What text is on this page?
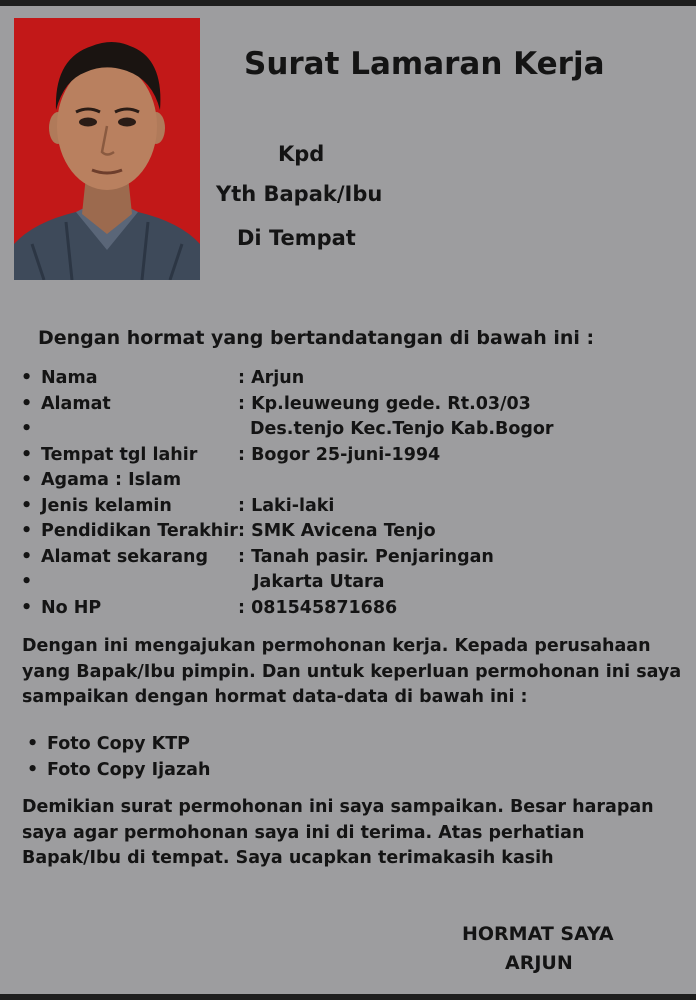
Surat Lamaran Kerja
Kpd
Yth Bapak/Ibu
Di Tempat
Dengan hormat yang bertandatangan di bawah ini :
• Nama	: Arjun
• Alamat	: Kp.leuweung gede. Rt.03/03
•	Des.tenjo Kec.Tenjo Kab.Bogor
• Tempat tgl lahir : Bogor 25-juni-1994
• Agama : Islam
• Jenis kelamin	: Laki-laki
• Pendidikan Terakhir : SMK Avicena Tenjo
• Alamat sekarang : Tanah pasir. Penjaringan
•	Jakarta Utara
• No HP	: 081545871686
Dengan ini mengajukan permohonan kerja. Kepada perusahaan yang Bapak/Ibu pimpin. Dan untuk keperluan permohonan ini saya sampaikan dengan hormat data-data di bawah ini :
• Foto Copy KTP
• Foto Copy Ijazah
Demikian surat permohonan ini saya sampaikan. Besar harapan saya agar permohonan saya ini di terima. Atas perhatian Bapak/Ibu di tempat. Saya ucapkan terimakasih kasih
HORMAT SAYA
ARJUN
